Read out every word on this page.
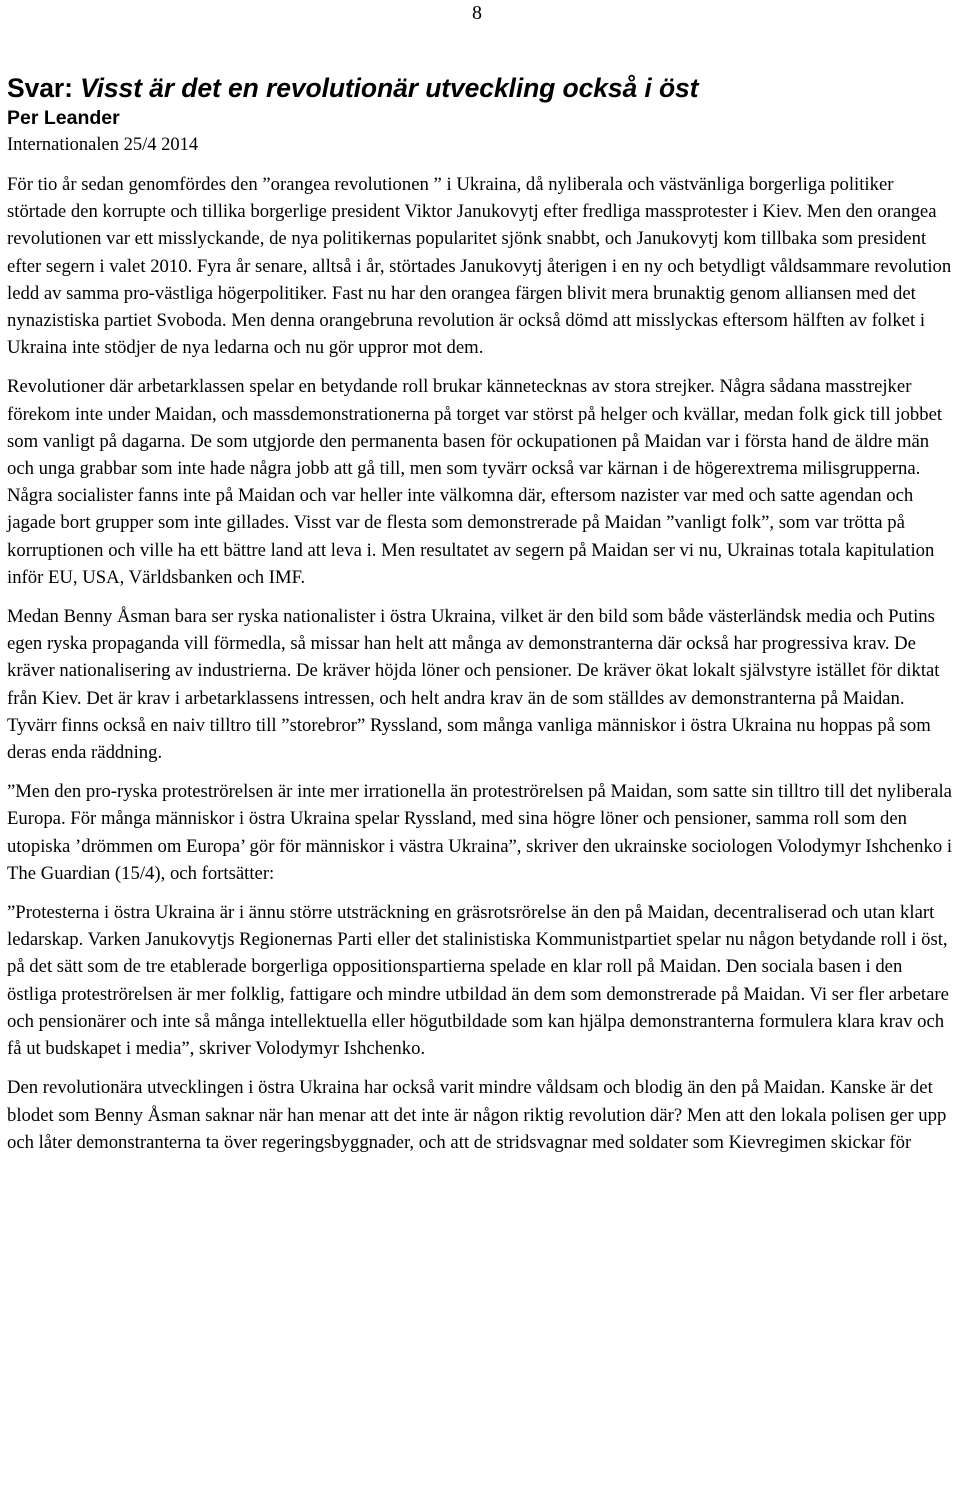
8
Svar: Visst är det en revolutionär utveckling också i öst

Per Leander

Internationalen 25/4 2014

För tio år sedan genomfördes den ”orangea revolutionen ” i Ukraina, då nyliberala och västvänliga borgerliga politiker störtade den korrupte och tillika borgerlige president Viktor Janukovytj efter fredliga massprotester i Kiev. Men den orangea revolutionen var ett misslyckande, de nya politikernas popularitet sjönk snabbt, och Janukovytj kom tillbaka som president efter segern i valet 2010. Fyra år senare, alltså i år, störtades Janukovytj återigen i en ny och betydligt våldsammare revolution ledd av samma pro-västliga högerpolitiker. Fast nu har den orangea färgen blivit mera brunaktig genom alliansen med det nynazistiska partiet Svoboda. Men denna orangebruna revolution är också dömd att misslyckas eftersom hälften av folket i Ukraina inte stödjer de nya ledarna och nu gör uppror mot dem.

Revolutioner där arbetarklassen spelar en betydande roll brukar kännetecknas av stora strejker. Några sådana masstrejker förekom inte under Maidan, och massdemonstrationerna på torget var störst på helger och kvällar, medan folk gick till jobbet som vanligt på dagarna. De som utgjorde den permanenta basen för ockupationen på Maidan var i första hand de äldre män och unga grabbar som inte hade några jobb att gå till, men som tyvärr också var kärnan i de högerextrema milisgrupperna. Några socialister fanns inte på Maidan och var heller inte välkomna där, eftersom nazister var med och satte agendan och jagade bort grupper som inte gillades. Visst var de flesta som demonstrerade på Maidan ”vanligt folk”, som var trötta på korruptionen och ville ha ett bättre land att leva i. Men resultatet av segern på Maidan ser vi nu, Ukrainas totala kapitulation inför EU, USA, Världsbanken och IMF.

Medan Benny Åsman bara ser ryska nationalister i östra Ukraina, vilket är den bild som både västerländsk media och Putins egen ryska propaganda vill förmedla, så missar han helt att många av demonstranterna där också har progressiva krav. De kräver nationalisering av industrierna. De kräver höjda löner och pensioner. De kräver ökat lokalt självstyre istället för diktat från Kiev. Det är krav i arbetarklassens intressen, och helt andra krav än de som ställdes av demonstranterna på Maidan. Tyvärr finns också en naiv tilltro till ”storebror” Ryssland, som många vanliga människor i östra Ukraina nu hoppas på som deras enda räddning.

”Men den pro-ryska proteströrelsen är inte mer irrationella än proteströrelsen på Maidan, som satte sin tilltro till det nyliberala Europa. För många människor i östra Ukraina spelar Ryssland, med sina högre löner och pensioner, samma roll som den utopiska ’drömmen om Europa’ gör för människor i västra Ukraina”, skriver den ukrainske sociologen Volodymyr Ishchenko i The Guardian (15/4), och fortsätter:

”Protesterna i östra Ukraina är i ännu större utsträckning en gräsrotsrörelse än den på Maidan, decentraliserad och utan klart ledarskap. Varken Janukovytjs Regionernas Parti eller det stalinistiska Kommunistpartiet spelar nu någon betydande roll i öst, på det sätt som de tre etablerade borgerliga oppositionspartierna spelade en klar roll på Maidan. Den sociala basen i den östliga proteströrelsen är mer folklig, fattigare och mindre utbildad än dem som demonstrerade på Maidan. Vi ser fler arbetare och pensionärer och inte så många intellektuella eller högutbildade som kan hjälpa demonstranterna formulera klara krav och få ut budskapet i media”, skriver Volodymyr Ishchenko.

Den revolutionära utvecklingen i östra Ukraina har också varit mindre våldsam och blodig än den på Maidan. Kanske är det blodet som Benny Åsman saknar när han menar att det inte är någon riktig revolution där? Men att den lokala polisen ger upp och låter demonstranterna ta över regeringsbyggnader, och att de stridsvagnar med soldater som Kievregimen skickar för
